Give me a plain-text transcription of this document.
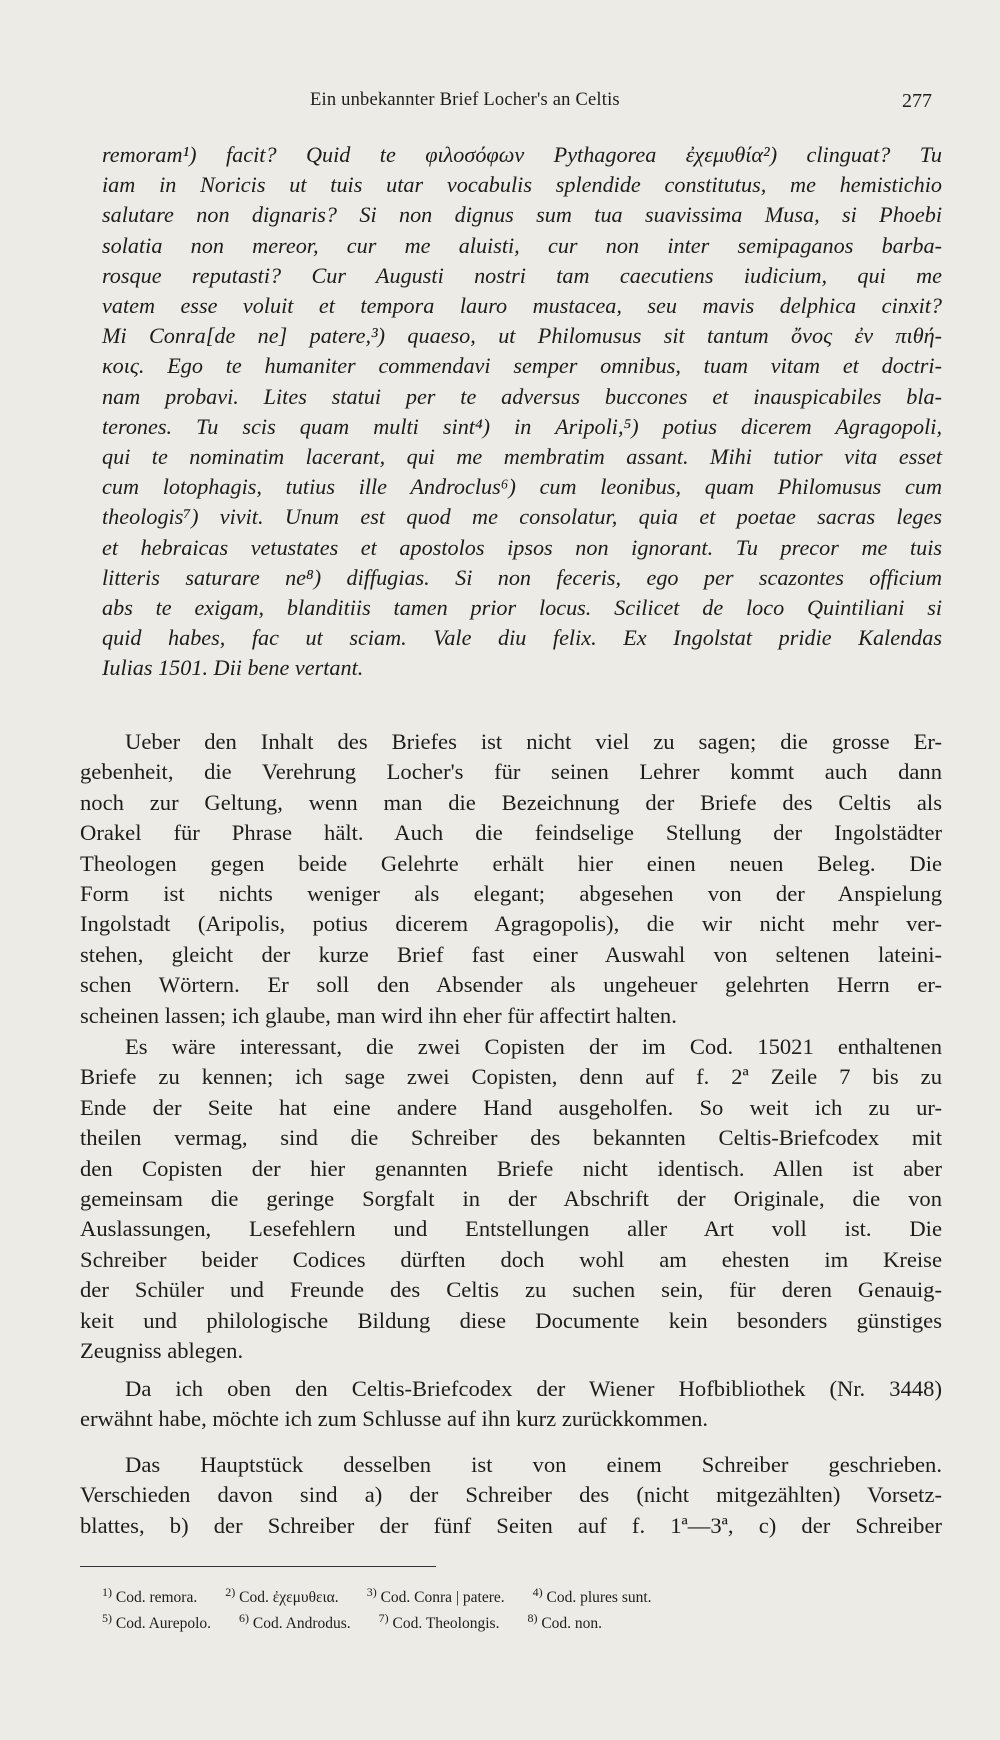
Ein unbekannter Brief Locher's an Celtis	277
remoram¹) facit? Quid te φιλοσόφων Pythagorea ἐχεμυθία²) clinguat? Tu
iam in Noricis ut tuis utar vocabulis splendide constitutus, me hemistichio
salutare non dignaris? Si non dignus sum tua suavissima Musa, si Phoebi
solatia non mereor, cur me aluisti, cur non inter semipaganos barba-
rosque reputasti? Cur Augusti nostri tam caecutiens iudicium, qui me
vatem esse voluit et tempora lauro mustacea, seu mavis delphica cinxit?
Mi Conra[de ne] patere,³) quaeso, ut Philomusus sit tantum ὄνος ἐν πιθή-
κοις. Ego te humaniter commendavi semper omnibus, tuam vitam et doctri-
nam probavi. Lites statui per te adversus buccones et inauspicabiles bla-
terones. Tu scis quam multi sint⁴) in Aripoli,⁵) potius dicerem Agragopoli,
qui te nominatim lacerant, qui me membratim assant. Mihi tutior vita esset
cum lotophagis, tutius ille Androclus⁶) cum leonibus, quam Philomusus cum
theologis⁷) vivit. Unum est quod me consolatur, quia et poetae sacras leges
et hebraicas vetustates et apostolos ipsos non ignorant. Tu precor me tuis
litteris saturare ne⁸) diffugias. Si non feceris, ego per scazontes officium
abs te exigam, blanditiis tamen prior locus. Scilicet de loco Quintiliani si
quid habes, fac ut sciam. Vale diu felix. Ex Ingolstat pridie Kalendas
Iulias 1501. Dii bene vertant.
Ueber den Inhalt des Briefes ist nicht viel zu sagen; die grosse Er-
gebenheit, die Verehrung Locher's für seinen Lehrer kommt auch dann
noch zur Geltung, wenn man die Bezeichnung der Briefe des Celtis als
Orakel für Phrase hält. Auch die feindselige Stellung der Ingolstädter
Theologen gegen beide Gelehrte erhält hier einen neuen Beleg. Die
Form ist nichts weniger als elegant; abgesehen von der Anspielung
Ingolstadt (Aripolis, potius dicerem Agragopolis), die wir nicht mehr ver-
stehen, gleicht der kurze Brief fast einer Auswahl von seltenen lateini-
schen Wörtern. Er soll den Absender als ungeheuer gelehrten Herrn er-
scheinen lassen; ich glaube, man wird ihn eher für affectirt halten.
Es wäre interessant, die zwei Copisten der im Cod. 15021 enthaltenen
Briefe zu kennen; ich sage zwei Copisten, denn auf f. 2ª Zeile 7 bis zu
Ende der Seite hat eine andere Hand ausgeholfen. So weit ich zu ur-
theilen vermag, sind die Schreiber des bekannten Celtis-Briefcodex mit
den Copisten der hier genannten Briefe nicht identisch. Allen ist aber
gemeinsam die geringe Sorgfalt in der Abschrift der Originale, die von
Auslassungen, Lesefehlern und Entstellungen aller Art voll ist. Die
Schreiber beider Codices dürften doch wohl am ehesten im Kreise
der Schüler und Freunde des Celtis zu suchen sein, für deren Genauig-
keit und philologische Bildung diese Documente kein besonders günstiges
Zeugniss ablegen.
Da ich oben den Celtis-Briefcodex der Wiener Hofbibliothek (Nr. 3448)
erwähnt habe, möchte ich zum Schlusse auf ihn kurz zurückkommen.
Das Hauptstück desselben ist von einem Schreiber geschrieben.
Verschieden davon sind a) der Schreiber des (nicht mitgezählten) Vorsetz-
blattes, b) der Schreiber der fünf Seiten auf f. 1ª—3ª, c) der Schreiber
$^{1)}$ Cod. remora. $^{2)}$ Cod. ἐχεμυθεια. $^{3)}$ Cod. Conra | patere. $^{4)}$ Cod. plures sunt.
$^{5)}$ Cod. Aurepolo. $^{6)}$ Cod. Androdus. $^{7)}$ Cod. Theolongis. $^{8)}$ Cod. non.
